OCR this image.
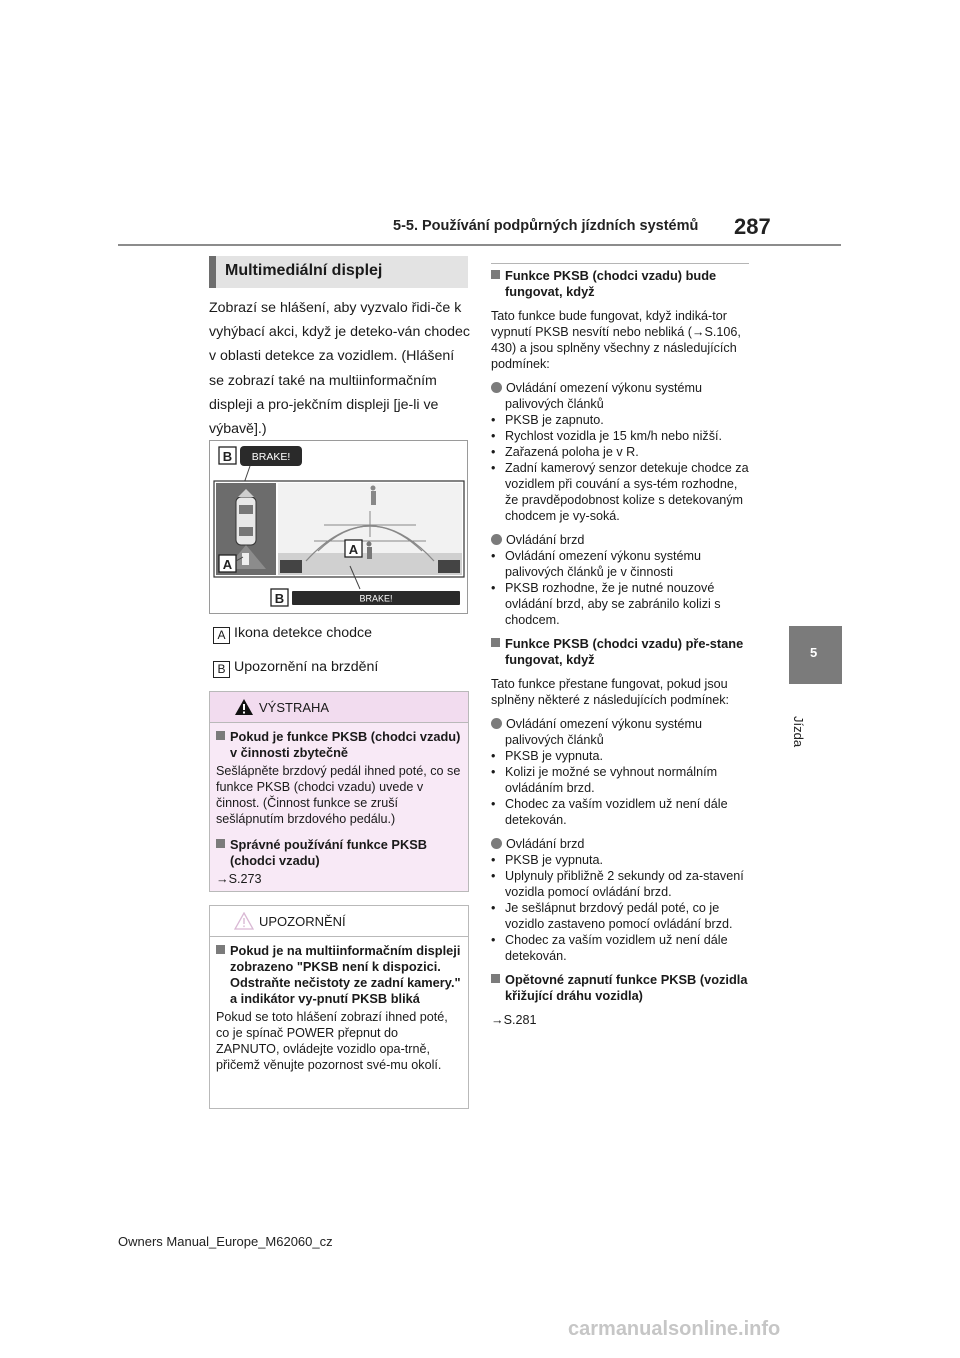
5-5. Používání podpůrných jízdních systémů 287
5
Jízda
Multimediální displej
Zobrazí se hlášení, aby vyzvalo řidi-če k vyhýbací akci, když je deteko-ván chodec v oblasti detekce za vozidlem. (Hlášení se zobrazí také na multiinformačním displeji a pro-jekčním displeji [je-li ve výbavě].)
B BRAKE!
A
A
B	BRAKE!
A Ikona detekce chodce
B Upozornění na brzdění
VÝSTRAHA
Pokud je funkce PKSB (chodci vzadu) v činnosti zbytečně
Sešlápněte brzdový pedál ihned poté, co se funkce PKSB (chodci vzadu) uvede v činnost. (Činnost funkce se zruší sešlápnutím brzdového pedálu.)
Správné používání funkce PKSB (chodci vzadu)
→S.273
UPOZORNĚNÍ
Pokud je na multiinformačním displeji zobrazeno "PKSB není k dispozici. Odstraňte nečistoty ze zadní kamery." a indikátor vy-pnutí PKSB bliká
Pokud se toto hlášení zobrazí ihned poté, co je spínač POWER přepnut do ZAPNUTO, ovládejte vozidlo opa-trně, přičemž věnujte pozornost své-mu okolí.
Funkce PKSB (chodci vzadu) bude fungovat, když
Tato funkce bude fungovat, když indiká-tor vypnutí PKSB nesvítí nebo nebliká (→S.106, 430) a jsou splněny všechny z následujících podmínek:
Ovládání omezení výkonu systému palivových článků
• PKSB je zapnuto.
• Rychlost vozidla je 15 km/h nebo nižší.
• Zařazená poloha je v R.
• Zadní kamerový senzor detekuje chodce za vozidlem při couvání a sys-tém rozhodne, že pravděpodobnost kolize s detekovaným chodcem je vy-soká.
Ovládání brzd
• Ovládání omezení výkonu systému palivových článků je v činnosti
• PKSB rozhodne, že je nutné nouzové ovládání brzd, aby se zabránilo kolizi s chodcem.
Funkce PKSB (chodci vzadu) pře-stane fungovat, když
Tato funkce přestane fungovat, pokud jsou splněny některé z následujících podmínek:
Ovládání omezení výkonu systému palivových článků
• PKSB je vypnuta.
• Kolizi je možné se vyhnout normálním ovládáním brzd.
• Chodec za vaším vozidlem už není dále detekován.
Ovládání brzd
• PKSB je vypnuta.
• Uplynuly přibližně 2 sekundy od za-stavení vozidla pomocí ovládání brzd.
• Je sešlápnut brzdový pedál poté, co je vozidlo zastaveno pomocí ovládání brzd.
• Chodec za vaším vozidlem už není dále detekován.
Opětovné zapnutí funkce PKSB (vozidla křižující dráhu vozidla)
→S.281
Owners Manual_Europe_M62060_cz
carmanualsonline.info
